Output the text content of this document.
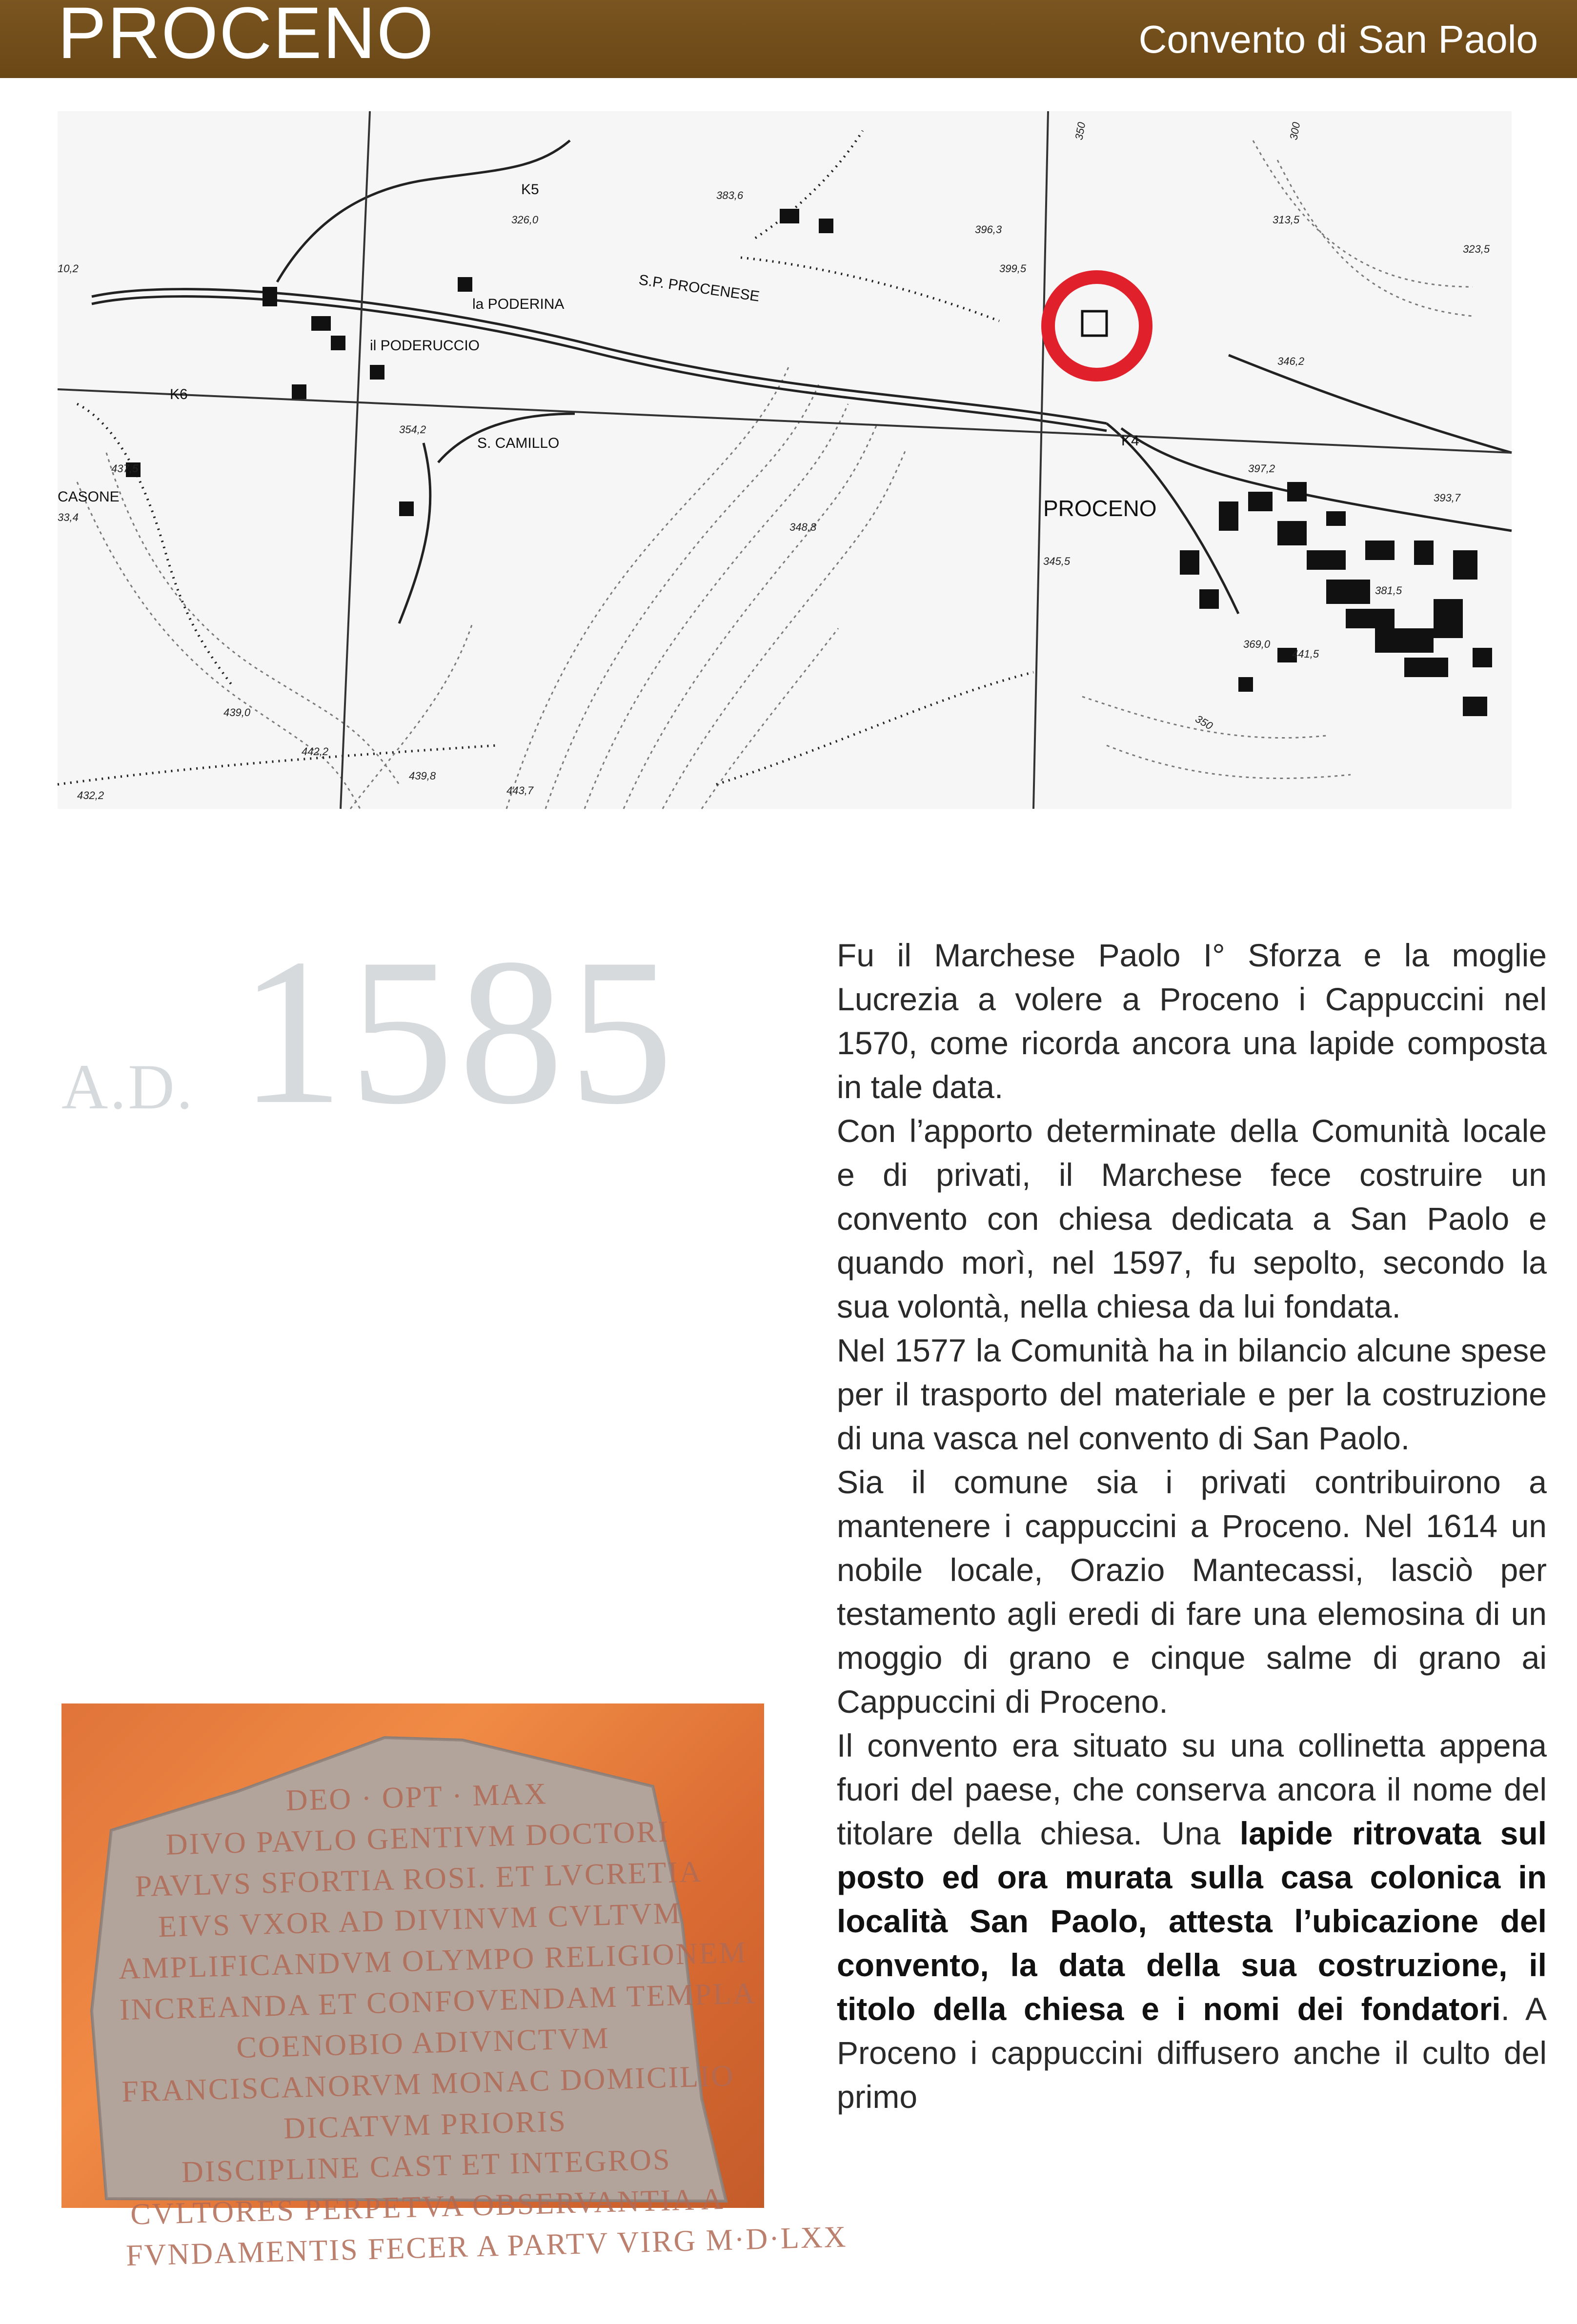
PROCENO	Convento di San Paolo
la PODERINA
il PODERUCCIO
S.P. PROCENESE
S. CAMILLO
CASONE
K5
K6
K4
PROCENO
326,0
383,6
396,3
399,5
350
313,5
323,5
346,2
354,2
397,2
393,7
348,8
345,5
369,0
441,5
439,0
442,2
439,8
443,7
432,2
437,5
33,4
10,2
350
381,5
300
A.D. 1585	Fu il Marchese Paolo I° Sforza e la moglie Lucrezia a volere a Proceno i Cappuccini nel 1570, come ricorda ancora una lapide composta in tale data.

Con l’apporto determinate della Comunità locale e di privati, il Marchese fece costruire un convento con chiesa dedicata a San Paolo e quando morì, nel 1597, fu sepolto, secondo la sua volontà, nella chiesa da lui fondata.

Nel 1577 la Comunità ha in bilancio alcune spese per il trasporto del materiale e per la costruzione di una vasca nel convento di San Paolo.

Sia il comune sia i privati contribuirono a mantenere i cappuccini a Proceno. Nel 1614 un nobile locale, Orazio Mantecassi, lasciò per testamento agli eredi di fare una elemosina di un moggio di grano e cinque salme di grano ai Cappuccini di Proceno.

Il convento era situato su una collinetta appena fuori del paese, che conserva ancora il nome del titolare della chiesa. Una lapide ritrovata sul posto ed ora murata sulla casa colonica in località San Paolo, attesta l’ubicazione del convento, la data della sua costruzione, il titolo della chiesa e i nomi dei fondatori. A Proceno i cappuccini diffusero anche il culto del primo

DEO · OPT · MAX
DIVO PAVLO GENTIVM DOCTORI
PAVLVS SFORTIA ROSI. ET LVCRETIA
EIVS VXOR AD DIVINVM CVLTVM
AMPLIFICANDVM OLYMPO RELIGIONEM
INCREANDA ET CONFOVENDAM TEMPLA
COENOBIO ADIVNCTVM
FRANCISCANORVM MONAC DOMICILIO
DICATVM PRIORIS
DISCIPLINE CAST ET INTEGROS
CVLTORES PERPETVA OBSERVANTIA A
FVNDAMENTIS FECER A PARTV VIRG M·D·LXX
